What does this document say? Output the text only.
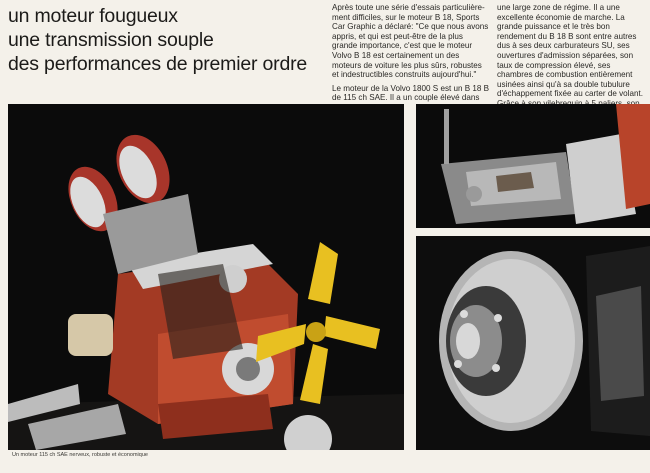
un moteur fougueux
une transmission souple
des performances de premier ordre

Après toute une série d'essais particulière-ment difficiles, sur le moteur B 18, Sports Car Graphic a déclaré: "Ce que nous avons appris, et qui est peut-être de la plus grande importance, c'est que le moteur Volvo B 18 est certainement un des moteurs de voiture les plus sûrs, robustes et indestructibles construits aujourd'hui."

Le moteur de la Volvo 1800 S est un B 18 B de 115 ch SAE. Il a un couple élevé dans

une large zone de régime. Il a une excellente économie de marche. La grande puissance et le très bon rendement du B 18 B sont entre autres dus à ses deux carburateurs SU, ses ouvertures d'admission séparées, son taux de compression élevé, ses chambres de combustion entièrement usinées ainsi qu'à sa double tubulure d'échappement fixée au carter de volant.

Un moteur 115 ch SAE nerveux, robuste et économique
